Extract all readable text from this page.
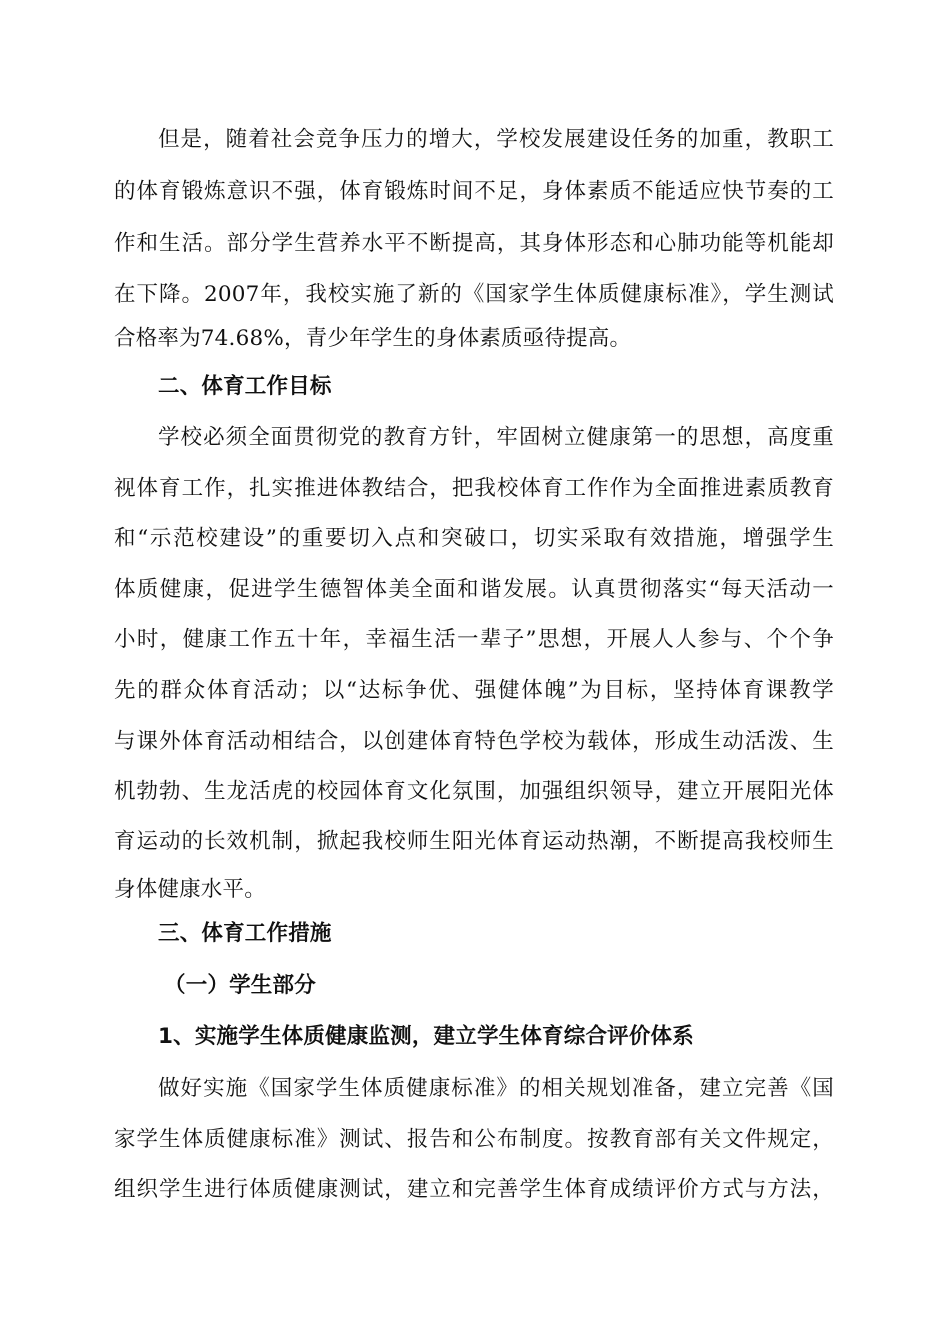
但是，随着社会竞争压力的增大，学校发展建设任务的加重，教职工
的体育锻炼意识不强，体育锻炼时间不足，身体素质不能适应快节奏的工
作和生活。部分学生营养水平不断提高，其身体形态和心肺功能等机能却
在下降。2007年，我校实施了新的《国家学生体质健康标准》，学生测试
合格率为74.68%，青少年学生的身体素质亟待提高。
二、体育工作目标
学校必须全面贯彻党的教育方针，牢固树立健康第一的思想，高度重
视体育工作，扎实推进体教结合，把我校体育工作作为全面推进素质教育
和“示范校建设”的重要切入点和突破口，切实采取有效措施，增强学生
体质健康，促进学生德智体美全面和谐发展。认真贯彻落实“每天活动一
小时，健康工作五十年，幸福生活一辈子”思想，开展人人参与、个个争
先的群众体育活动；以“达标争优、强健体魄”为目标，坚持体育课教学
与课外体育活动相结合，以创建体育特色学校为载体，形成生动活泼、生
机勃勃、生龙活虎的校园体育文化氛围，加强组织领导，建立开展阳光体
育运动的长效机制，掀起我校师生阳光体育运动热潮，不断提高我校师生
身体健康水平。
三、体育工作措施
（一）学生部分
1、实施学生体质健康监测，建立学生体育综合评价体系
做好实施《国家学生体质健康标准》的相关规划准备，建立完善《国
家学生体质健康标准》测试、报告和公布制度。按教育部有关文件规定，
组织学生进行体质健康测试，建立和完善学生体育成绩评价方式与方法，
